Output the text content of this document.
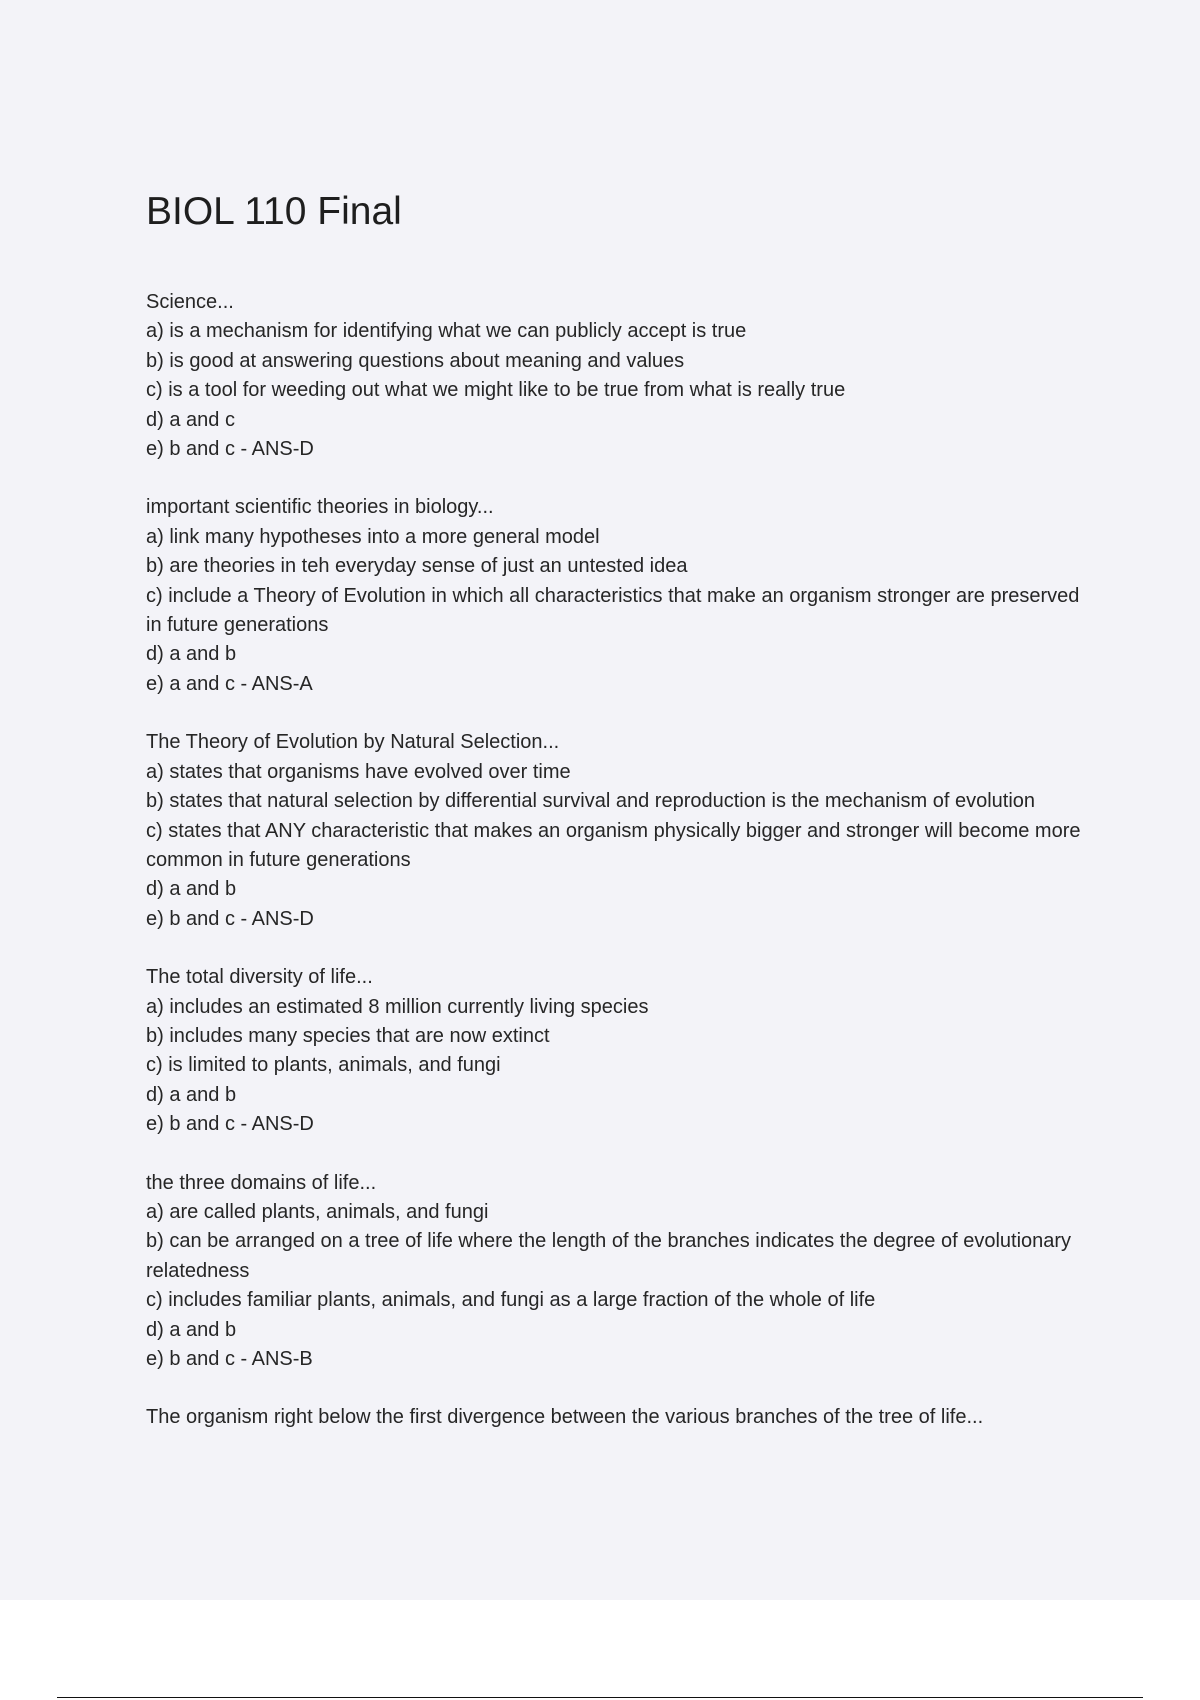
BIOL 110 Final
Science...
a) is a mechanism for identifying what we can publicly accept is true
b) is good at answering questions about meaning and values
c) is a tool for weeding out what we might like to be true from what is really true
d) a and c
e) b and c - ANS-D
important scientific theories in biology...
a) link many hypotheses into a more general model
b) are theories in teh everyday sense of just an untested idea
c) include a Theory of Evolution in which all characteristics that make an organism stronger are preserved in future generations
d) a and b
e) a and c - ANS-A
The Theory of Evolution by Natural Selection...
a) states that organisms have evolved over time
b) states that natural selection by differential survival and reproduction is the mechanism of evolution
c) states that ANY characteristic that makes an organism physically bigger and stronger will become more common in future generations
d) a and b
e) b and c - ANS-D
The total diversity of life...
a) includes an estimated 8 million currently living species
b) includes many species that are now extinct
c) is limited to plants, animals, and fungi
d) a and b
e) b and c - ANS-D
the three domains of life...
a) are called plants, animals, and fungi
b) can be arranged on a tree of life where the length of the branches indicates the degree of evolutionary relatedness
c) includes familiar plants, animals, and fungi as a large fraction of the whole of life
d) a and b
e) b and c - ANS-B
The organism right below the first divergence between the various branches of the tree of life...
